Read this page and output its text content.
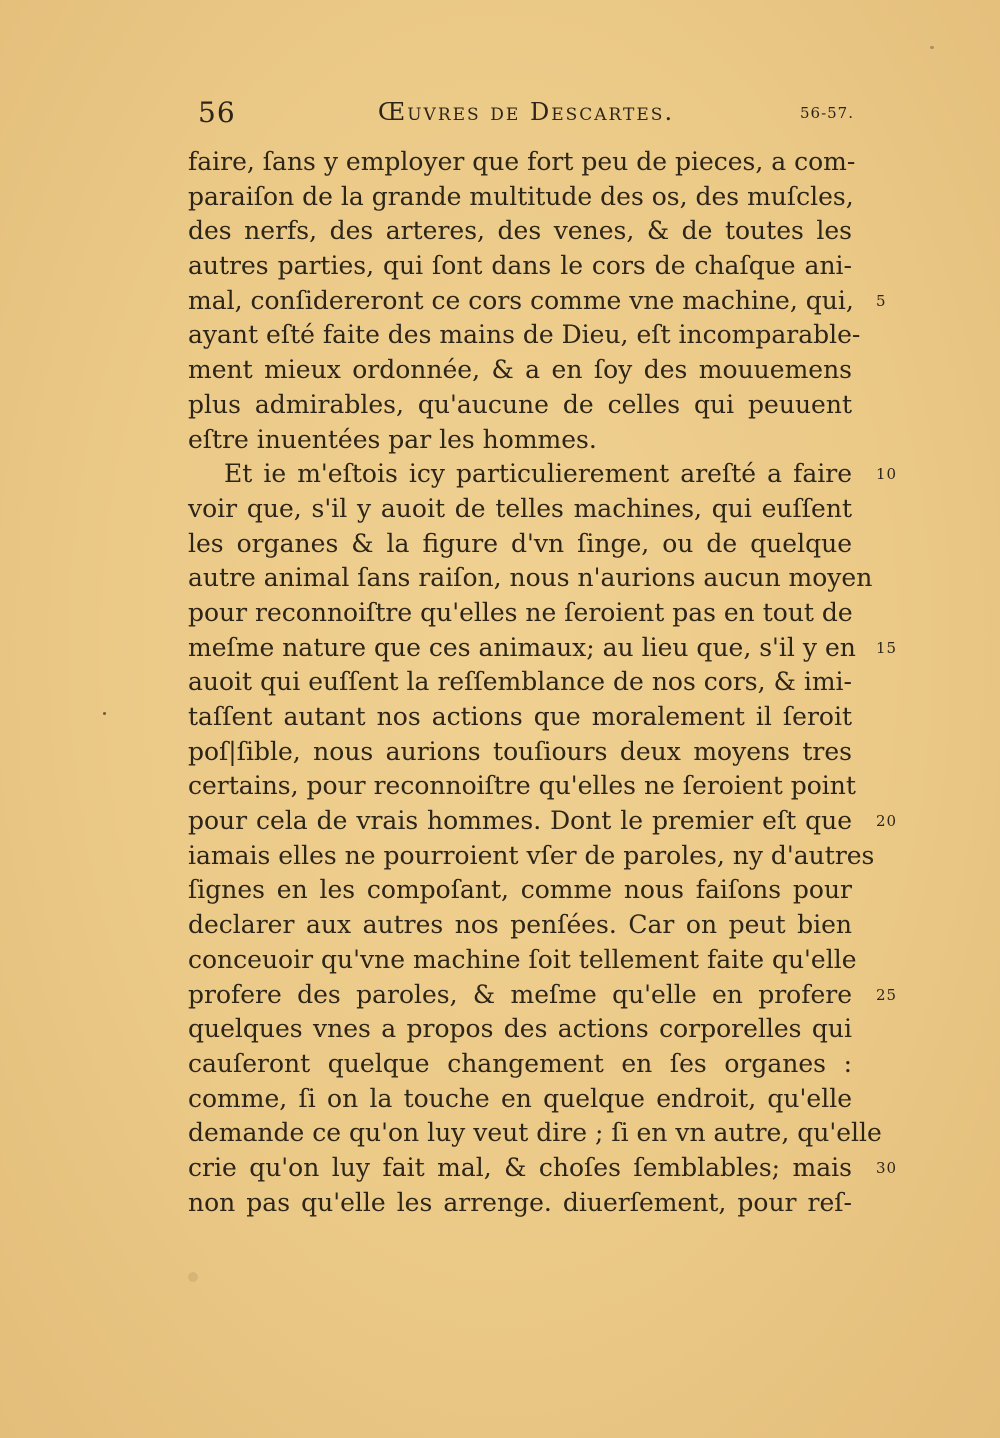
56	Œuvres de Descartes.	56-57.
faire, ſans y employer que fort peu de pieces, a com-
paraiſon de la grande multitude des os, des muſcles,
des nerfs, des arteres, des venes, & de toutes les
autres parties, qui ſont dans le cors de chaſque ani-
mal, conſidereront ce cors comme vne machine, qui, 5
ayant eſté faite des mains de Dieu, eſt incomparable-
ment mieux ordonnée, & a en ſoy des mouuemens
plus admirables, qu'aucune de celles qui peuuent
eſtre inuentées par les hommes.
Et ie m'eſtois icy particulierement areſté a faire 10
voir que, s'il y auoit de telles machines, qui euſſent
les organes & la figure d'vn ſinge, ou de quelque
autre animal ſans raiſon, nous n'aurions aucun moyen
pour reconnoiſtre qu'elles ne ſeroient pas en tout de
meſme nature que ces animaux; au lieu que, s'il y en 15
auoit qui euſſent la reſſemblance de nos cors, & imi-
taſſent autant nos actions que moralement il ſeroit
poſ|ſible, nous aurions touſiours deux moyens tres
certains, pour reconnoiſtre qu'elles ne ſeroient point
pour cela de vrais hommes. Dont le premier eſt que 20
iamais elles ne pourroient vſer de paroles, ny d'autres
ſignes en les compoſant, comme nous faiſons pour
declarer aux autres nos penſées. Car on peut bien
conceuoir qu'vne machine ſoit tellement faite qu'elle
profere des paroles, & meſme qu'elle en profere 25
quelques vnes a propos des actions corporelles qui
cauſeront quelque changement en ſes organes :
comme, ſi on la touche en quelque endroit, qu'elle
demande ce qu'on luy veut dire ; ſi en vn autre, qu'elle
crie qu'on luy fait mal, & choſes ſemblables; mais 30
non pas qu'elle les arrenge. diuerſement, pour reſ-
